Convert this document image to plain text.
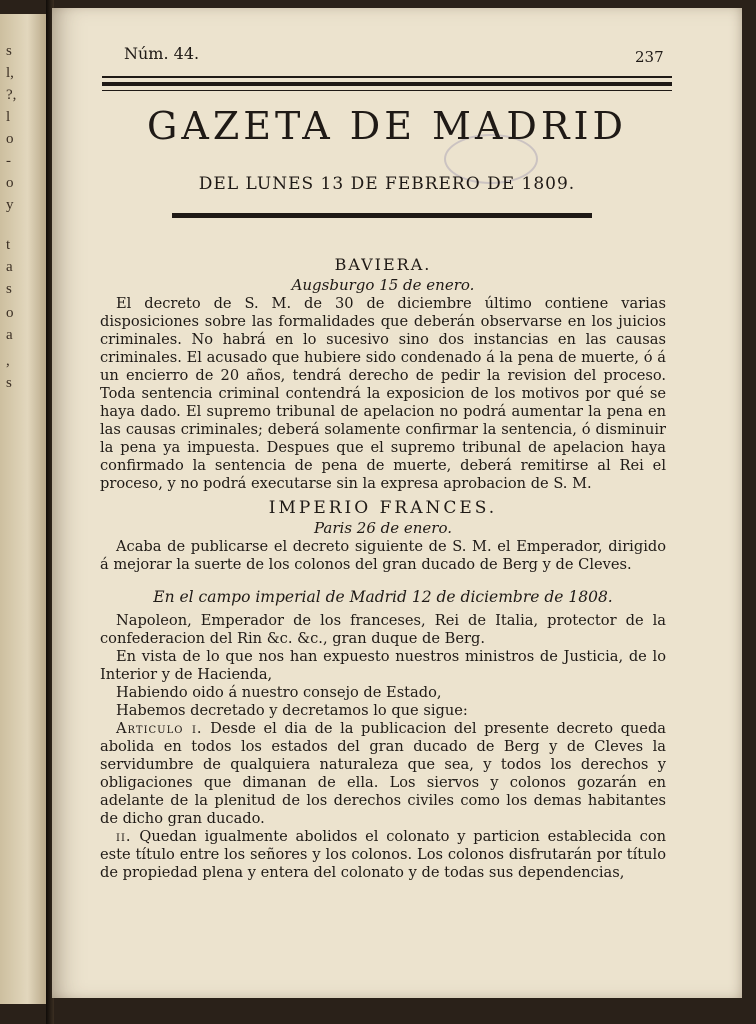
s
l,
?,
l
o
-
o
y
t
a
s
o
a
,
s
Núm. 44.	237
GAZETA DE MADRID
DEL LUNES 13 DE FEBRERO DE 1809.
BAVIERA.
Augsburgo 15 de enero.

El decreto de S. M. de 30 de diciembre último contiene varias disposiciones sobre las formalidades que deberán observarse en los juicios criminales. No habrá en lo sucesivo sino dos instancias en las causas criminales. El acusado que hubiere sido condenado á la pena de muerte, ó á un encierro de 20 años, tendrá derecho de pedir la revision del proceso. Toda sentencia criminal contendrá la exposicion de los motivos por qué se haya dado. El supremo tribunal de apelacion no podrá aumentar la pena en las causas criminales; deberá solamente confirmar la sentencia, ó disminuir la pena ya impuesta. Despues que el supremo tribunal de apelacion haya confirmado la sentencia de pena de muerte, deberá remitirse al Rei el proceso, y no podrá executarse sin la expresa aprobacion de S. M.

IMPERIO FRANCES.
Paris 26 de enero.

Acaba de publicarse el decreto siguiente de S. M. el Emperador, dirigido á mejorar la suerte de los colonos del gran ducado de Berg y de Cleves.

En el campo imperial de Madrid 12 de diciembre de 1808.

Napoleon, Emperador de los franceses, Rei de Italia, protector de la confederacion del Rin &c. &c., gran duque de Berg.

En vista de lo que nos han expuesto nuestros ministros de Justicia, de lo Interior y de Hacienda,

Habiendo oido á nuestro consejo de Estado,

Habemos decretado y decretamos lo que sigue:

Articulo i. Desde el dia de la publicacion del presente decreto queda abolida en todos los estados del gran ducado de Berg y de Cleves la servidumbre de qualquiera naturaleza que sea, y todos los derechos y obligaciones que dimanan de ella. Los siervos y colonos gozarán en adelante de la plenitud de los derechos civiles como los demas habitantes de dicho gran ducado.

ii. Quedan igualmente abolidos el colonato y particion establecida con este título entre los señores y los colonos. Los colonos disfrutarán por título de propiedad plena y entera del colonato y de todas sus dependencias,
